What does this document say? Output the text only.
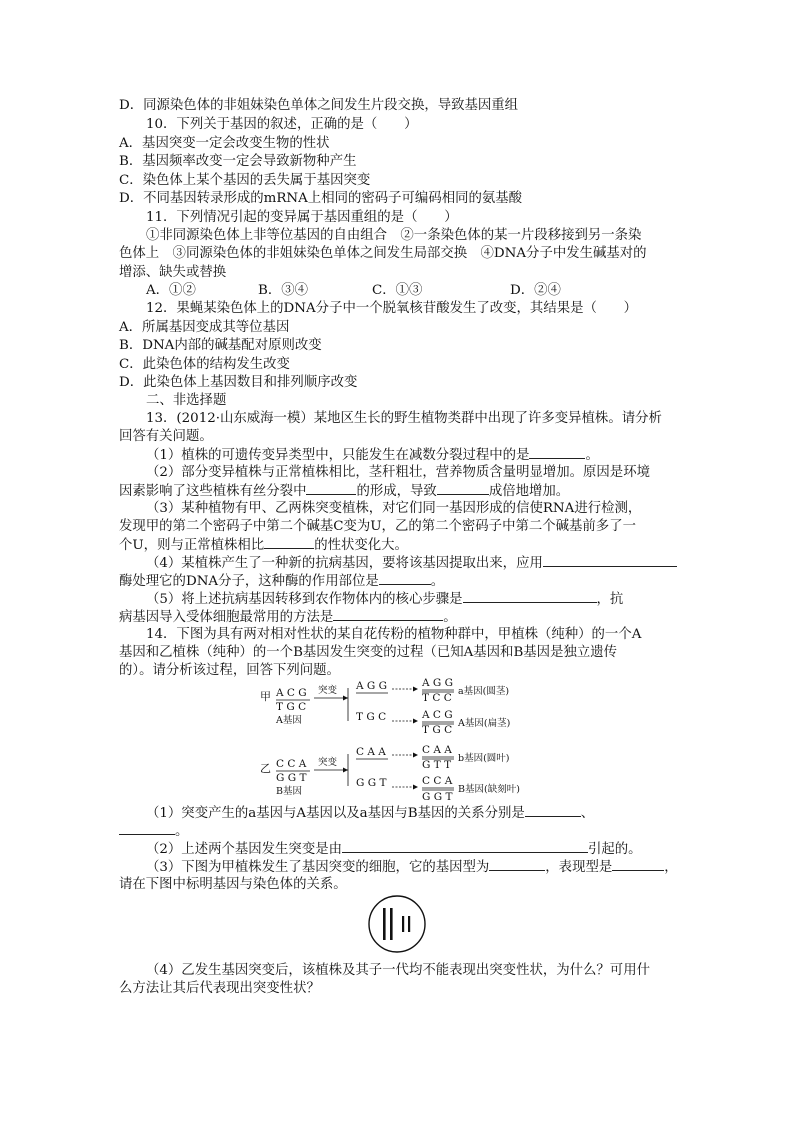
D．同源染色体的非姐妹染色单体之间发生片段交换，导致基因重组
10．下列关于基因的叙述，正确的是（　　）
A．基因突变一定会改变生物的性状
B．基因频率改变一定会导致新物种产生
C．染色体上某个基因的丢失属于基因突变
D．不同基因转录形成的mRNA上相同的密码子可编码相同的氨基酸
11．下列情况引起的变异属于基因重组的是（　　）
①非同源染色体上非等位基因的自由组合　②一条染色体的某一片段移接到另一条染
色体上　③同源染色体的非姐妹染色单体之间发生局部交换　④DNA分子中发生碱基对的
增添、缺失或替换
A．①②	B．③④	C．①③	D．②④
12．果蝇某染色体上的DNA分子中一个脱氧核苷酸发生了改变，其结果是（　　）
A．所属基因变成其等位基因
B．DNA内部的碱基配对原则改变
C．此染色体的结构发生改变
D．此染色体上基因数目和排列顺序改变
二、非选择题
13．(2012·山东威海一模）某地区生长的野生植物类群中出现了许多变异植株。请分析
回答有关问题。
（1）植株的可遗传变异类型中，只能发生在减数分裂过程中的是	。
（2）部分变异植株与正常植株相比，茎秆粗壮，营养物质含量明显增加。原因是环境
因素影响了这些植株有丝分裂中	的形成，导致	成倍地增加。
（3）某种植物有甲、乙两株突变植株，对它们同一基因形成的信使RNA进行检测，
发现甲的第二个密码子中第二个碱基C变为U，乙的第二个密码子中第二个碱基前多了一
个U，则与正常植株相比	的性状变化大。
（4）某植株产生了一种新的抗病基因，要将该基因提取出来，应用
酶处理它的DNA分子，这种酶的作用部位是	。
（5）将上述抗病基因转移到农作物体内的核心步骤是	，抗
病基因导入受体细胞最常用的方法是	。
14．下图为具有两对相对性状的某自花传粉的植物种群中，甲植株（纯种）的一个A
基因和乙植株（纯种）的一个B基因发生突变的过程（已知A基因和B基因是独立遗传
的）。请分析该过程，回答下列问题。
甲 A C G
T G C
A基因
突变 A G G	A G G
T C C
a基因(圆茎)
T G C	A C G
T G C
A基因(扁茎)
乙 C C A
G G T
B基因
突变
C A A	C A A
G T T
b基因(圆叶)
G G T	C C A
G G T
B基因(缺刻叶)
（1）突变产生的a基因与A基因以及a基因与B基因的关系分别是	、
。
（2）上述两个基因发生突变是由	引起的。
（3）下图为甲植株发生了基因突变的细胞，它的基因型为	，表现型是	，
请在下图中标明基因与染色体的关系。
（4）乙发生基因突变后，该植株及其子一代均不能表现出突变性状，为什么？可用什
么方法让其后代表现出突变性状？
